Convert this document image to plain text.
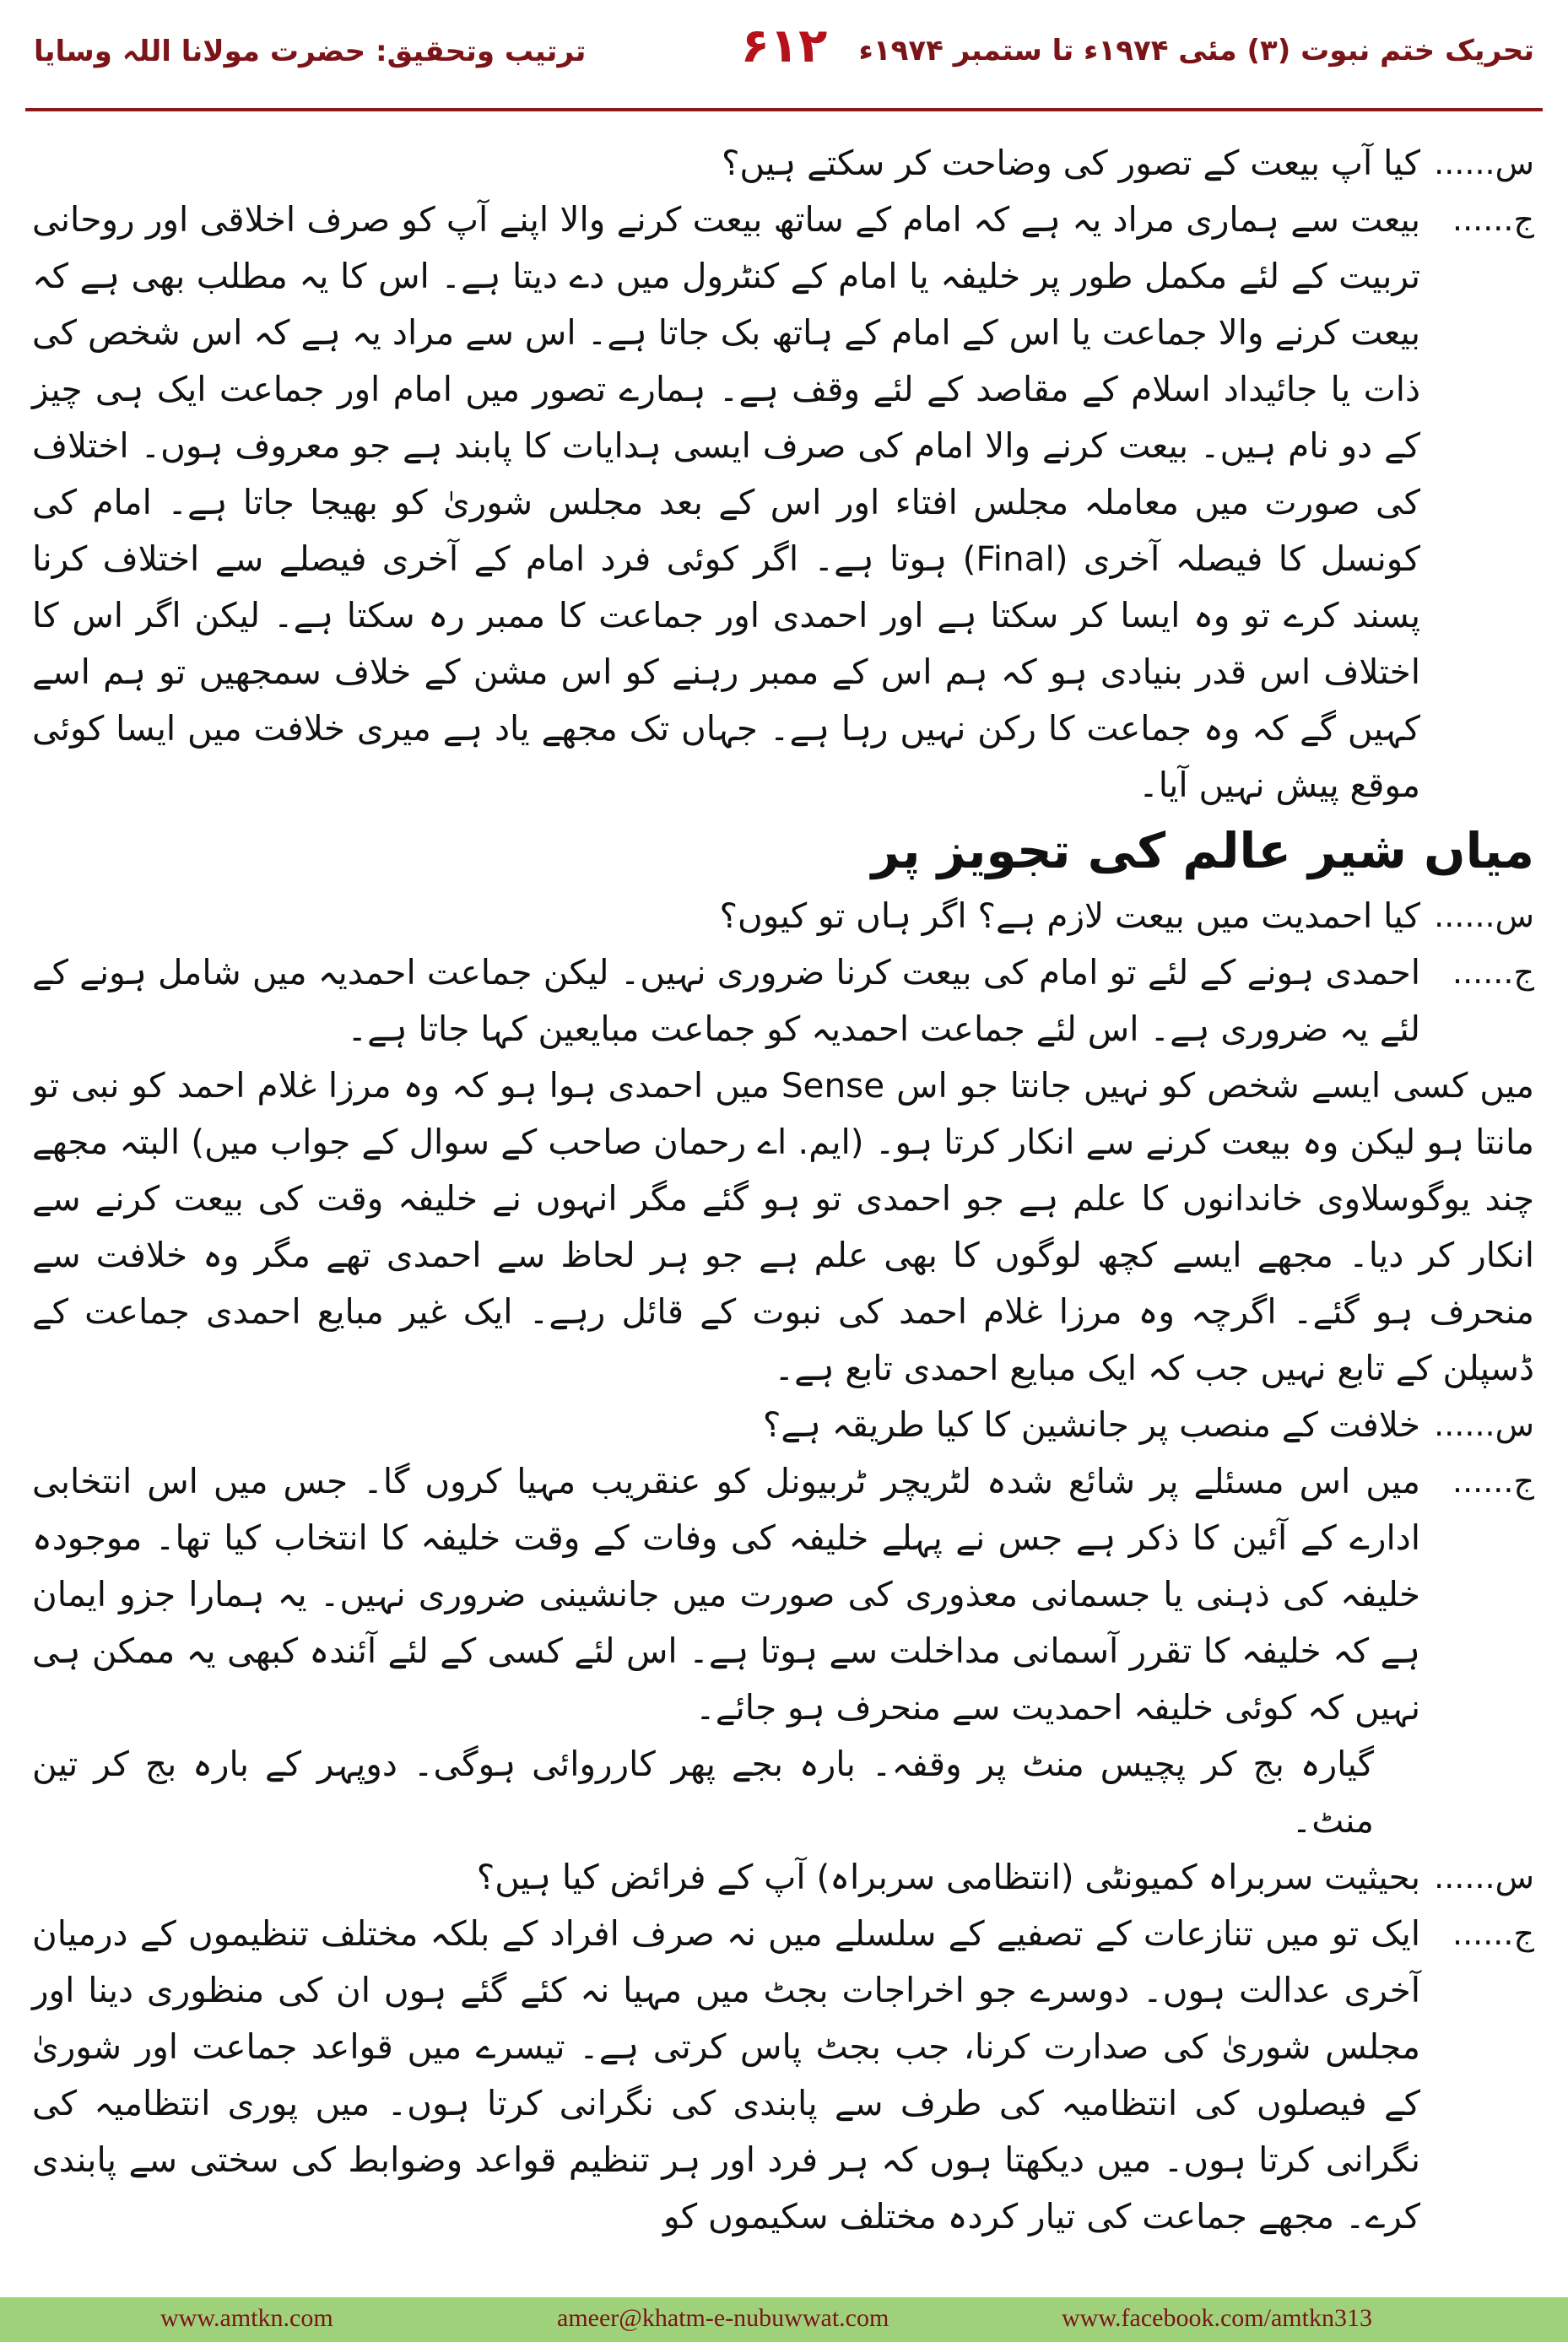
تحریک ختم نبوت (۳) مئی ۱۹۷۴ء تا ستمبر ۱۹۷۴ء
۶۱۲
ترتیب وتحقیق: حضرت مولانا اللہ وسایا
س......
کیا آپ بیعت کے تصور کی وضاحت کر سکتے ہیں؟
ج......
بیعت سے ہماری مراد یہ ہے کہ امام کے ساتھ بیعت کرنے والا اپنے آپ کو صرف اخلاقی اور روحانی تربیت کے لئے مکمل طور پر خلیفہ یا امام کے کنٹرول میں دے دیتا ہے۔ اس کا یہ مطلب بھی ہے کہ بیعت کرنے والا جماعت یا اس کے امام کے ہاتھ بک جاتا ہے۔ اس سے مراد یہ ہے کہ اس شخص کی ذات یا جائیداد اسلام کے مقاصد کے لئے وقف ہے۔ ہمارے تصور میں امام اور جماعت ایک ہی چیز کے دو نام ہیں۔ بیعت کرنے والا امام کی صرف ایسی ہدایات کا پابند ہے جو معروف ہوں۔ اختلاف کی صورت میں معاملہ مجلس افتاء اور اس کے بعد مجلس شوریٰ کو بھیجا جاتا ہے۔ امام کی کونسل کا فیصلہ آخری (Final) ہوتا ہے۔ اگر کوئی فرد امام کے آخری فیصلے سے اختلاف کرنا پسند کرے تو وہ ایسا کر سکتا ہے اور احمدی اور جماعت کا ممبر رہ سکتا ہے۔ لیکن اگر اس کا اختلاف اس قدر بنیادی ہو کہ ہم اس کے ممبر رہنے کو اس مشن کے خلاف سمجھیں تو ہم اسے کہیں گے کہ وہ جماعت کا رکن نہیں رہا ہے۔ جہاں تک مجھے یاد ہے میری خلافت میں ایسا کوئی موقع پیش نہیں آیا۔
میاں شیر عالم کی تجویز پر
س......
کیا احمدیت میں بیعت لازم ہے؟ اگر ہاں تو کیوں؟
ج......
احمدی ہونے کے لئے تو امام کی بیعت کرنا ضروری نہیں۔ لیکن جماعت احمدیہ میں شامل ہونے کے لئے یہ ضروری ہے۔ اس لئے جماعت احمدیہ کو جماعت مبایعین کہا جاتا ہے۔
میں کسی ایسے شخص کو نہیں جانتا جو اس Sense میں احمدی ہوا ہو کہ وہ مرزا غلام احمد کو نبی تو مانتا ہو لیکن وہ بیعت کرنے سے انکار کرتا ہو۔ (ایم. اے رحمان صاحب کے سوال کے جواب میں) البتہ مجھے چند یوگوسلاوی خاندانوں کا علم ہے جو احمدی تو ہو گئے مگر انہوں نے خلیفہ وقت کی بیعت کرنے سے انکار کر دیا۔ مجھے ایسے کچھ لوگوں کا بھی علم ہے جو ہر لحاظ سے احمدی تھے مگر وہ خلافت سے منحرف ہو گئے۔ اگرچہ وہ مرزا غلام احمد کی نبوت کے قائل رہے۔ ایک غیر مبایع احمدی جماعت کے ڈسپلن کے تابع نہیں جب کہ ایک مبایع احمدی تابع ہے۔
س......
خلافت کے منصب پر جانشین کا کیا طریقہ ہے؟
ج......
میں اس مسئلے پر شائع شدہ لٹریچر ٹربیونل کو عنقریب مہیا کروں گا۔ جس میں اس انتخابی ادارے کے آئین کا ذکر ہے جس نے پہلے خلیفہ کی وفات کے وقت خلیفہ کا انتخاب کیا تھا۔ موجودہ خلیفہ کی ذہنی یا جسمانی معذوری کی صورت میں جانشینی ضروری نہیں۔ یہ ہمارا جزو ایمان ہے کہ خلیفہ کا تقرر آسمانی مداخلت سے ہوتا ہے۔ اس لئے کسی کے لئے آئندہ کبھی یہ ممکن ہی نہیں کہ کوئی خلیفہ احمدیت سے منحرف ہو جائے۔
گیارہ بج کر پچیس منٹ پر وقفہ۔ بارہ بجے پھر کارروائی ہوگی۔ دوپہر کے بارہ بج کر تین منٹ۔
س......
بحیثیت سربراہ کمیونٹی (انتظامی سربراہ) آپ کے فرائض کیا ہیں؟
ج......
ایک تو میں تنازعات کے تصفیے کے سلسلے میں نہ صرف افراد کے بلکہ مختلف تنظیموں کے درمیان آخری عدالت ہوں۔ دوسرے جو اخراجات بجٹ میں مہیا نہ کئے گئے ہوں ان کی منظوری دینا اور مجلس شوریٰ کی صدارت کرنا، جب بجٹ پاس کرتی ہے۔ تیسرے میں قواعد جماعت اور شوریٰ کے فیصلوں کی انتظامیہ کی طرف سے پابندی کی نگرانی کرتا ہوں۔ میں پوری انتظامیہ کی نگرانی کرتا ہوں۔ میں دیکھتا ہوں کہ ہر فرد اور ہر تنظیم قواعد وضوابط کی سختی سے پابندی کرے۔ مجھے جماعت کی تیار کردہ مختلف سکیموں کو
www.amtkn.com	ameer@khatm-e-nubuwwat.com	www.facebook.com/amtkn313
